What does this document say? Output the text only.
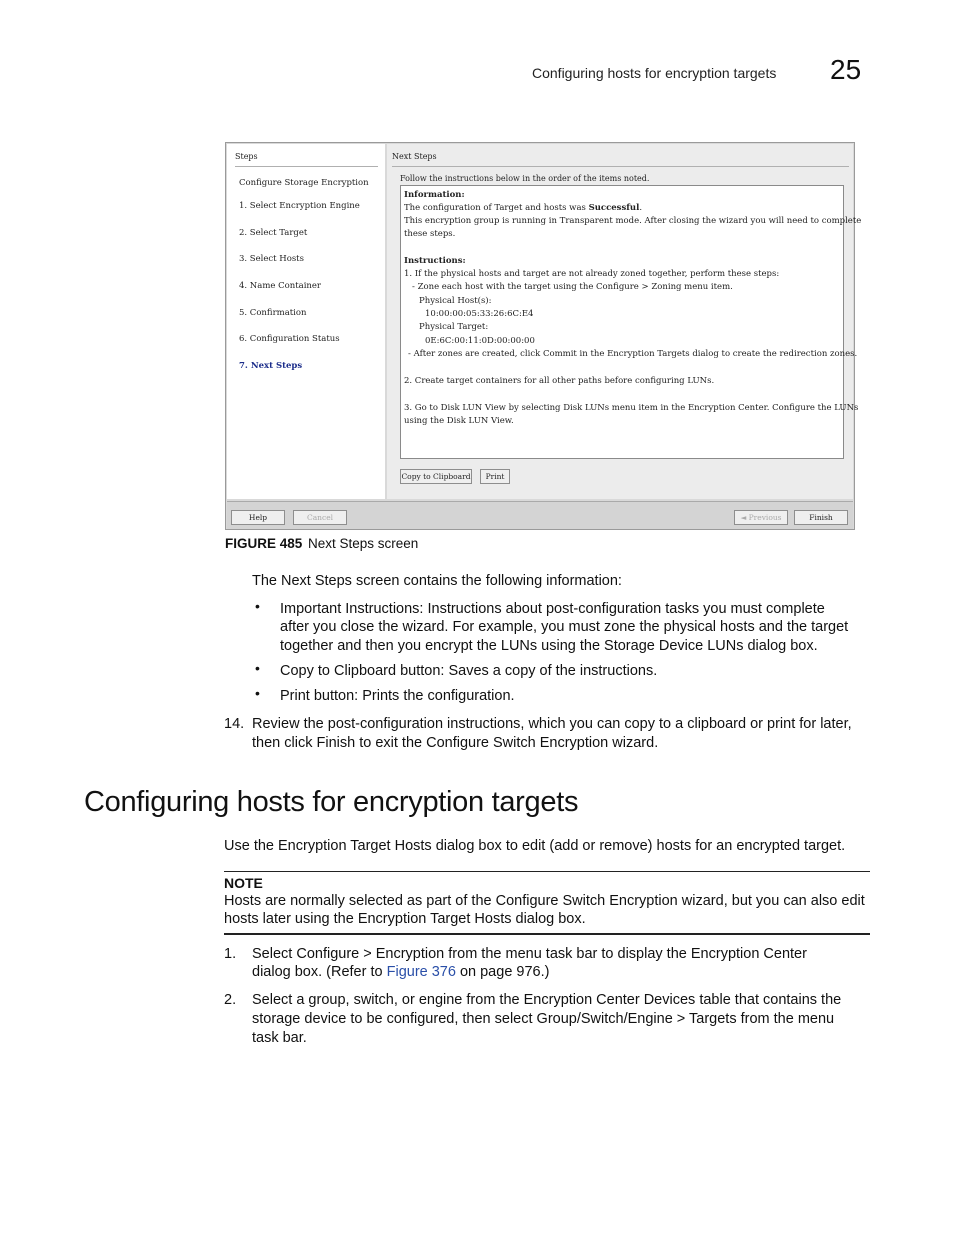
Configuring hosts for encryption targets 25
Steps
Configure Storage Encryption
1. Select Encryption Engine
2. Select Target
3. Select Hosts
4. Name Container
5. Confirmation
6. Configuration Status
7. Next Steps
Next Steps
Follow the instructions below in the order of the items noted.
Information:
The configuration of Target and hosts was Successful.
This encryption group is running in Transparent mode. After closing the wizard you will need to complete
these steps.
Instructions:
1. If the physical hosts and target are not already zoned together, perform these steps:
- Zone each host with the target using the Configure > Zoning menu item.
Physical Host(s):
10:00:00:05:33:26:6C:E4
Physical Target:
0E:6C:00:11:0D:00:00:00
- After zones are created, click Commit in the Encryption Targets dialog to create the redirection zones.
2. Create target containers for all other paths before configuring LUNs.
3. Go to Disk LUN View by selecting Disk LUNs menu item in the Encryption Center. Configure the LUNs
using the Disk LUN View.
Copy to Clipboard	Print
Help	Cancel	◄ Previous	Finish
FIGURE 485 Next Steps screen
The Next Steps screen contains the following information:
• Important Instructions: Instructions about post-configuration tasks you must complete
after you close the wizard. For example, you must zone the physical hosts and the target
together and then you encrypt the LUNs using the Storage Device LUNs dialog box.
• Copy to Clipboard button: Saves a copy of the instructions.
• Print button: Prints the configuration.
14. Review the post-configuration instructions, which you can copy to a clipboard or print for later,
then click Finish to exit the Configure Switch Encryption wizard.
Configuring hosts for encryption targets
Use the Encryption Target Hosts dialog box to edit (add or remove) hosts for an encrypted target.
NOTE
Hosts are normally selected as part of the Configure Switch Encryption wizard, but you can also edit
hosts later using the Encryption Target Hosts dialog box.
1. Select Configure > Encryption from the menu task bar to display the Encryption Center
dialog box. (Refer to Figure 376 on page 976.)
2. Select a group, switch, or engine from the Encryption Center Devices table that contains the
storage device to be configured, then select Group/Switch/Engine > Targets from the menu
task bar.
